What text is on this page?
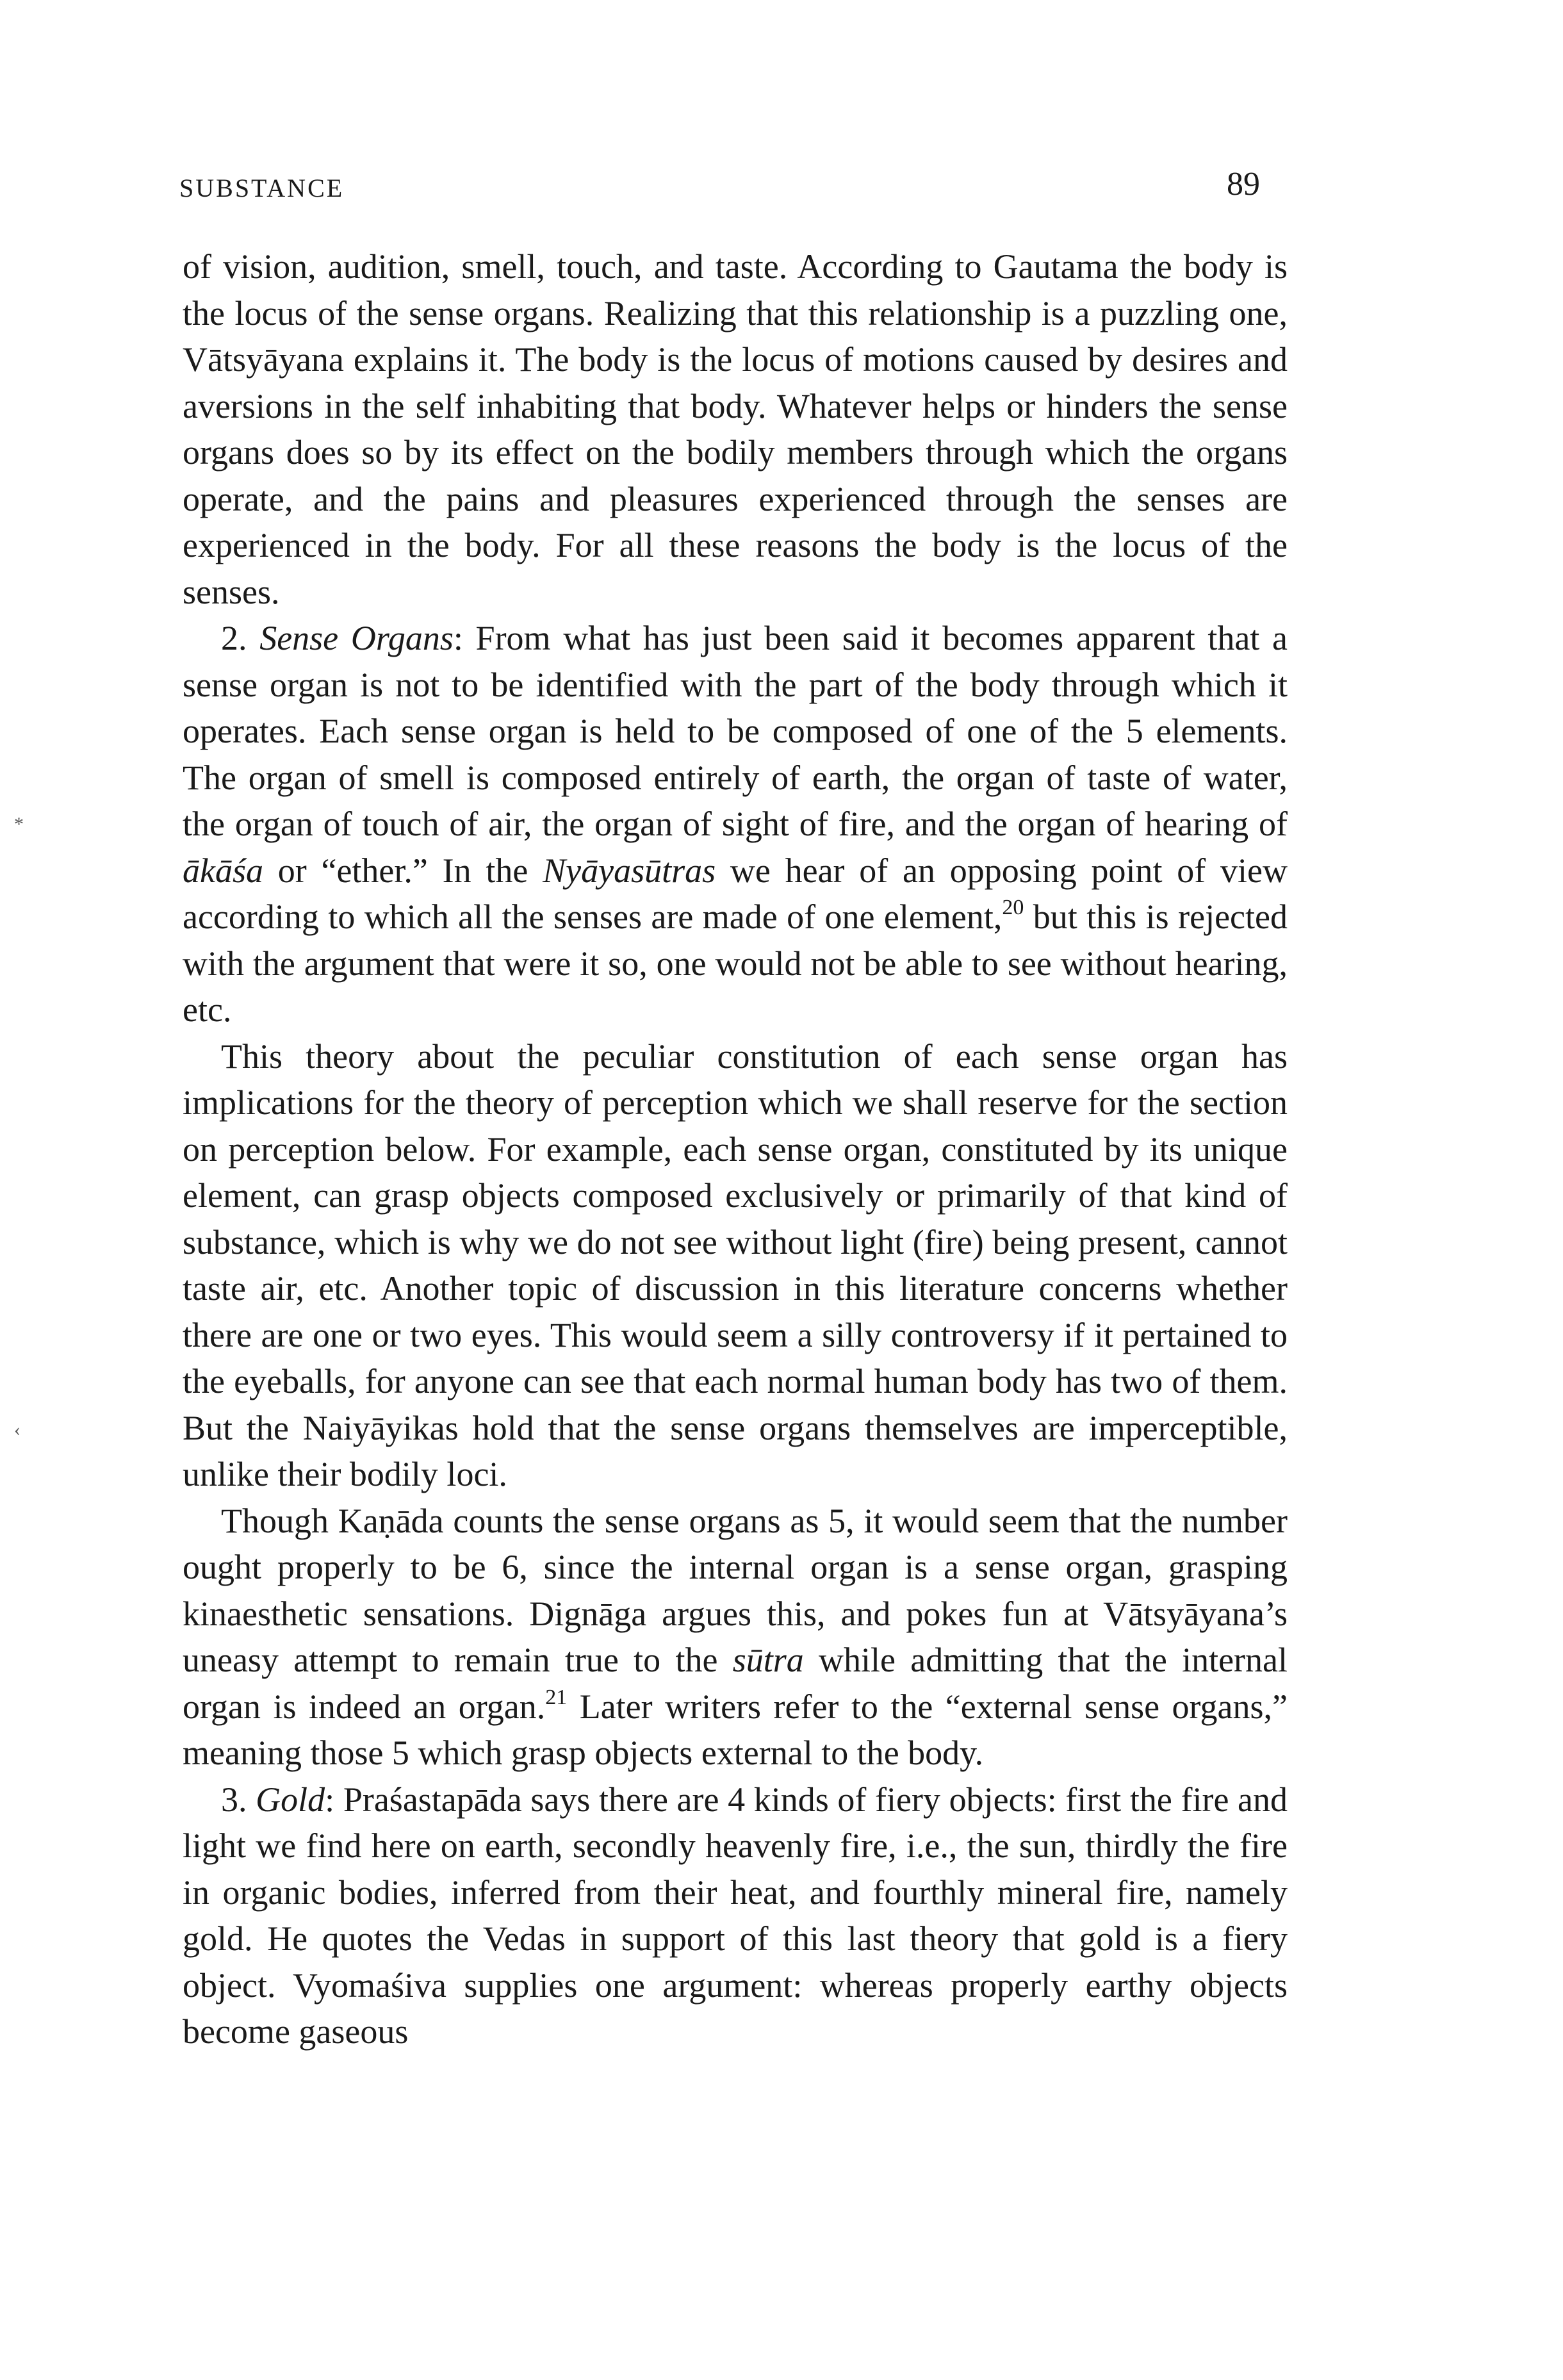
SUBSTANCE	89
*
‹

of vision, audition, smell, touch, and taste. According to Gautama the body is the locus of the sense organs. Realizing that this relationship is a puzzling one, Vātsyāyana explains it. The body is the locus of motions caused by desires and aversions in the self inhabiting that body. Whatever helps or hinders the sense organs does so by its effect on the bodily members through which the organs operate, and the pains and pleasures experienced through the senses are experienced in the body. For all these reasons the body is the locus of the senses.

2. Sense Organs: From what has just been said it becomes apparent that a sense organ is not to be identified with the part of the body through which it operates. Each sense organ is held to be composed of one of the 5 elements. The organ of smell is composed entirely of earth, the organ of taste of water, the organ of touch of air, the organ of sight of fire, and the organ of hearing of ākāśa or “ether.” In the Nyāyasūtras we hear of an opposing point of view according to which all the senses are made of one element,$^{20}$ but this is rejected with the argument that were it so, one would not be able to see without hearing, etc.

This theory about the peculiar constitution of each sense organ has implications for the theory of perception which we shall reserve for the section on perception below. For example, each sense organ, constituted by its unique element, can grasp objects composed exclusively or primarily of that kind of substance, which is why we do not see without light (fire) being present, cannot taste air, etc. Another topic of discussion in this literature concerns whether there are one or two eyes. This would seem a silly controversy if it pertained to the eyeballs, for anyone can see that each normal human body has two of them. But the Naiyāyikas hold that the sense organs themselves are imperceptible, unlike their bodily loci.

Though Kaṇāda counts the sense organs as 5, it would seem that the number ought properly to be 6, since the internal organ is a sense organ, grasping kinaesthetic sensations. Dignāga argues this, and pokes fun at Vātsyāyana’s uneasy attempt to remain true to the sūtra while admitting that the internal organ is indeed an organ.$^{21}$ Later writers refer to the “external sense organs,” meaning those 5 which grasp objects external to the body.

3. Gold: Praśastapāda says there are 4 kinds of fiery objects: first the fire and light we find here on earth, secondly heavenly fire, i.e., the sun, thirdly the fire in organic bodies, inferred from their heat, and fourthly mineral fire, namely gold. He quotes the Vedas in support of this last theory that gold is a fiery object. Vyomaśiva supplies one argument: whereas properly earthy objects become gaseous
